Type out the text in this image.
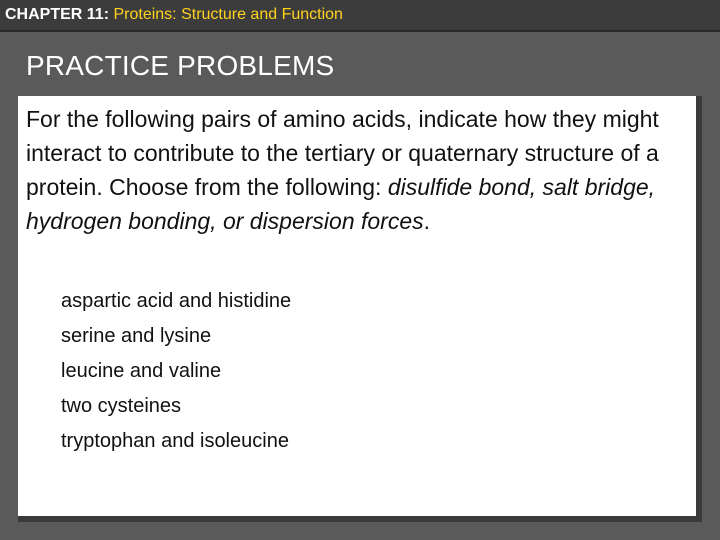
CHAPTER 11: Proteins: Structure and Function
PRACTICE PROBLEMS

For the following pairs of amino acids, indicate how they might interact to contribute to the tertiary or quaternary structure of a protein. Choose from the following: disulfide bond, salt bridge, hydrogen bonding, or dispersion forces.

aspartic acid and histidine
serine and lysine
leucine and valine
two cysteines
tryptophan and isoleucine
